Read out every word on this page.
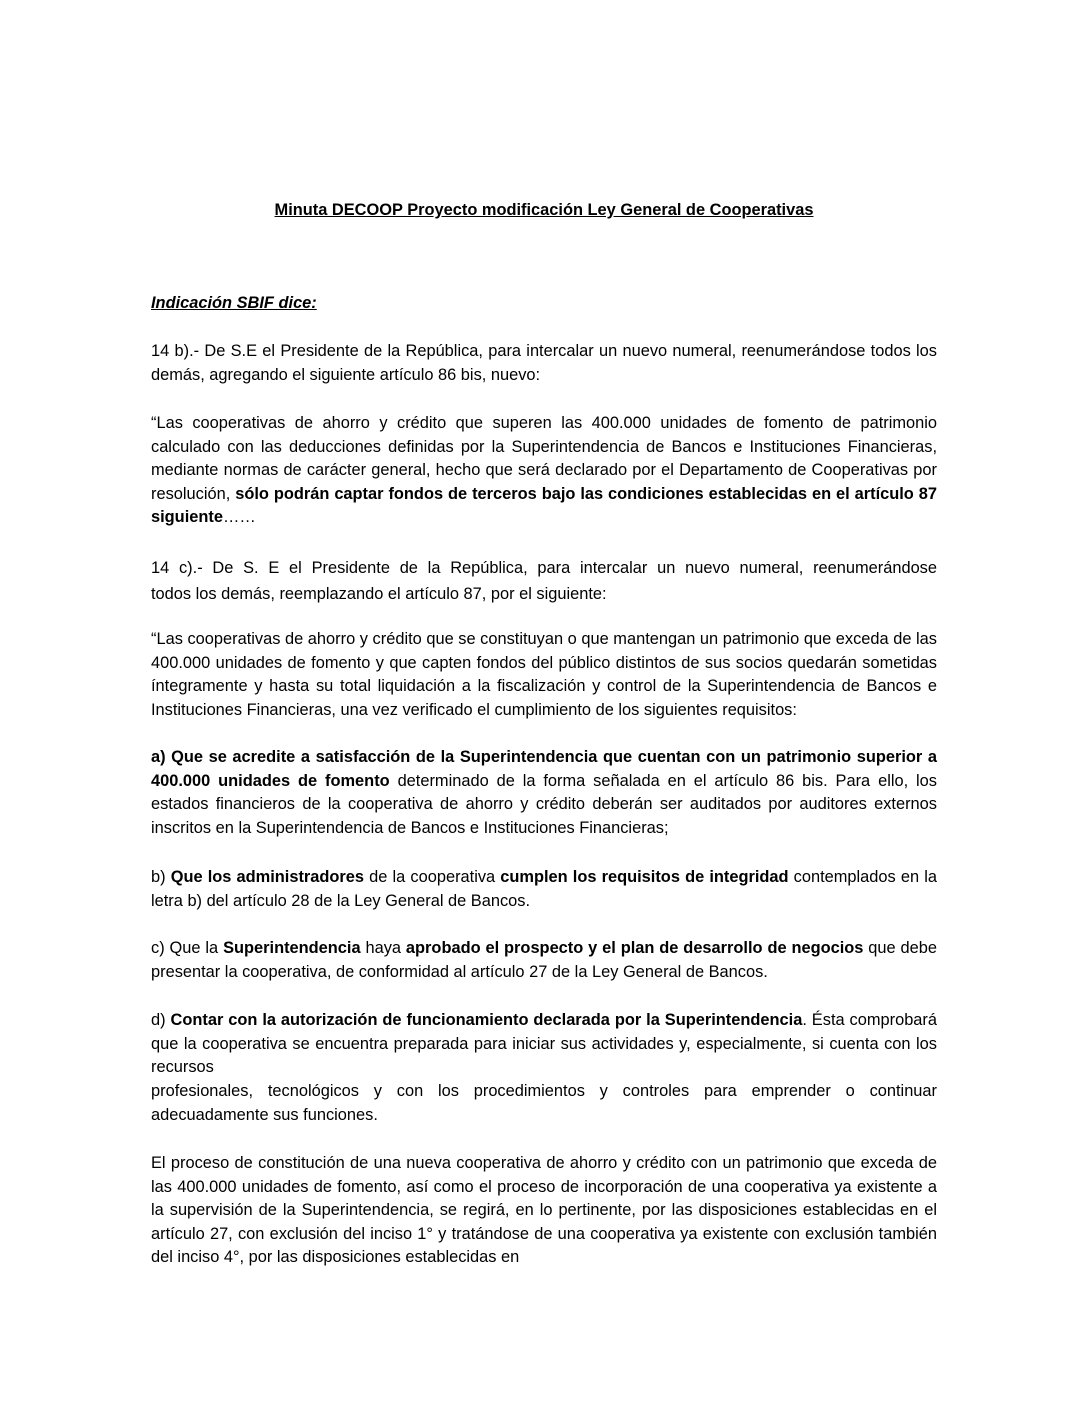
Minuta DECOOP Proyecto modificación Ley General de Cooperativas
Indicación SBIF dice:

14 b).- De S.E el Presidente de la República, para intercalar un nuevo numeral, reenumerándose todos los demás, agregando el siguiente artículo 86 bis, nuevo:

“Las cooperativas de ahorro y crédito que superen las 400.000 unidades de fomento de patrimonio calculado con las deducciones definidas por la Superintendencia de Bancos e Instituciones Financieras, mediante normas de carácter general, hecho que será declarado por el Departamento de Cooperativas por resolución, sólo podrán captar fondos de terceros bajo las condiciones establecidas en el artículo 87 siguiente……

14 c).- De S. E el Presidente de la República, para intercalar un nuevo numeral, reenumerándose
todos los demás, reemplazando el artículo 87, por el siguiente:

“Las cooperativas de ahorro y crédito que se constituyan o que mantengan un patrimonio que exceda de las 400.000 unidades de fomento y que capten fondos del público distintos de sus socios quedarán sometidas íntegramente y hasta su total liquidación a la fiscalización y control de la Superintendencia de Bancos e Instituciones Financieras, una vez verificado el cumplimiento de los siguientes requisitos:

a) Que se acredite a satisfacción de la Superintendencia que cuentan con un patrimonio superior a 400.000 unidades de fomento determinado de la forma señalada en el artículo 86 bis. Para ello, los estados financieros de la cooperativa de ahorro y crédito deberán ser auditados por auditores externos inscritos en la Superintendencia de Bancos e Instituciones Financieras;

b) Que los administradores de la cooperativa cumplen los requisitos de integridad contemplados en la letra b) del artículo 28 de la Ley General de Bancos.

c) Que la Superintendencia haya aprobado el prospecto y el plan de desarrollo de negocios que debe presentar la cooperativa, de conformidad al artículo 27 de la Ley General de Bancos.

d) Contar con la autorización de funcionamiento declarada por la Superintendencia. Ésta comprobará que la cooperativa se encuentra preparada para iniciar sus actividades y, especialmente, si cuenta con los recursos

profesionales, tecnológicos y con los procedimientos y controles para emprender o continuar adecuadamente sus funciones.

El proceso de constitución de una nueva cooperativa de ahorro y crédito con un patrimonio que exceda de las 400.000 unidades de fomento, así como el proceso de incorporación de una cooperativa ya existente a la supervisión de la Superintendencia, se regirá, en lo pertinente, por las disposiciones establecidas en el artículo 27, con exclusión del inciso 1° y tratándose de una cooperativa ya existente con exclusión también del inciso 4°, por las disposiciones establecidas en
